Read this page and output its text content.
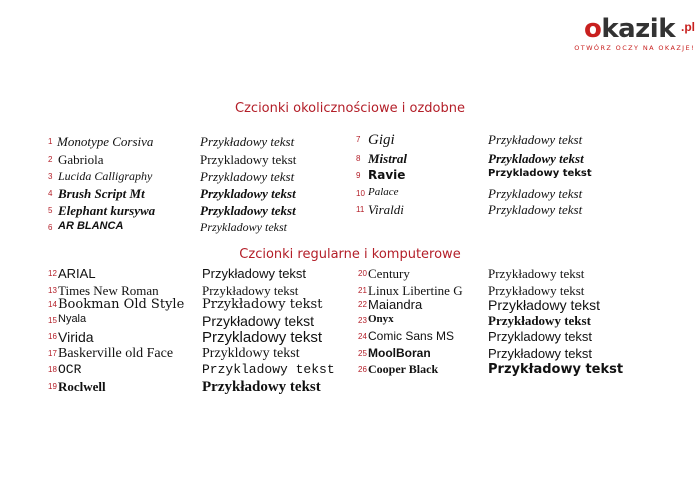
okazik .pl
OTWÓRZ OCZY NA OKAZJE!
Czcionki okolicznościowe i ozdobne
Czcionki regularne i komputerowe
1 Monotype Corsiva	Przykładowy tekst
2 Gabriola	Przykladowy tekst
3 Lucida Calligraphy	Przykladowy tekst
4 Brush Script Mt	Przykladowy tekst
5 Elephant kursywa	Przykladowy tekst
6 AR BLANCA	Przykladowy tekst
7 Gigi	Przykładowy tekst
8 Mistral	Przykladowy tekst
9 Ravie	Przykladowy tekst
10 Palace	Przykladowy tekst
11 Viraldi	Przykladowy tekst
12 ARIAL	Przykładowy tekst
13 Times New Roman	Przykładowy tekst
14 Bookman Old Style Przykładowy tekst
15 Nyala	Przykładowy tekst
16 Virida	Przykladowy tekst
17 Baskerville old Face Przykldowy tekst
18 OCR	Przykladowy tekst
19 Roclwell	Przykładowy tekst
20 Century	Przykładowy tekst
21 Linux Libertine G Przykładowy tekst
22 Maiandra	Przykładowy tekst
23 Onyx	Przykładowy tekst
24 Comic Sans MS	Przykladowy tekst
25 MoolBoran	Przykładowy tekst
26 Cooper Black	Przykładowy tekst
